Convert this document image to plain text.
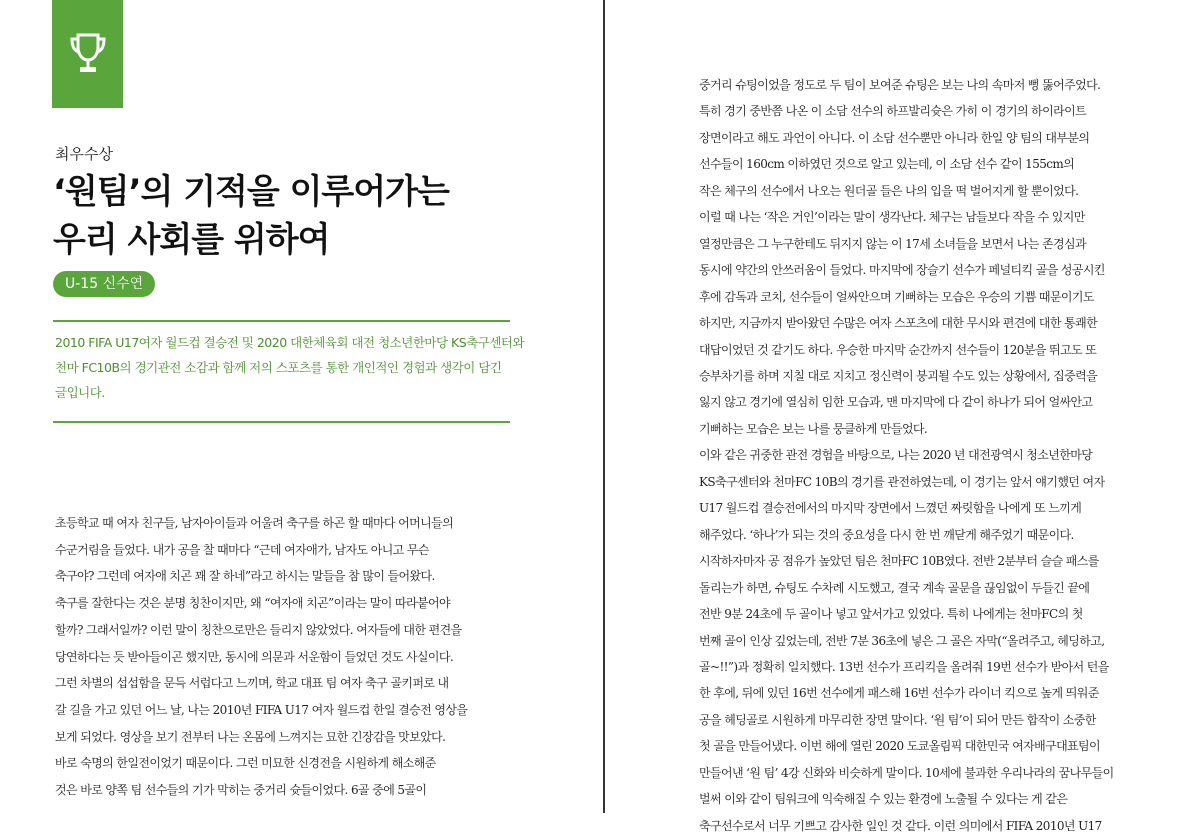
최우수상
‘원팀’의 기적을 이루어가는
우리 사회를 위하여
U-15 신수연

2010 FIFA U17여자 월드컵 결승전 및 2020 대한체육회 대전 청소년한마당 KS축구센터와
천마 FC10B의 경기관전 소감과 함께 저의 스포츠를 통한 개인적인 경험과 생각이 담긴
글입니다.

초등학교 때 여자 친구들, 남자아이들과 어울려 축구를 하곤 할 때마다 어머니들의
수군거림을 들었다. 내가 공을 찰 때마다 “근데 여자애가, 남자도 아니고 무슨
축구야? 그런데 여자애 치곤 꽤 잘 하네”라고 하시는 말들을 참 많이 들어왔다.
축구를 잘한다는 것은 분명 칭찬이지만, 왜 “여자애 치곤”이라는 말이 따라붙어야
할까? 그래서일까? 이런 말이 칭찬으로만은 들리지 않았었다. 여자들에 대한 편견을
당연하다는 듯 받아들이곤 했지만, 동시에 의문과 서운함이 들었던 것도 사실이다.
그런 차별의 섭섭함을 문득 서럽다고 느끼며, 학교 대표 팀 여자 축구 골키퍼로 내
갈 길을 가고 있던 어느 날, 나는 2010년 FIFA U17 여자 월드컵 한일 결승전 영상을
보게 되었다. 영상을 보기 전부터 나는 온몸에 느껴지는 묘한 긴장감을 맛보았다.
바로 숙명의 한일전이었기 때문이다. 그런 미묘한 신경전을 시원하게 해소해준
것은 바로 양쪽 팀 선수들의 기가 막히는 중거리 슛들이었다. 6골 중에 5골이

중거리 슈팅이었을 정도로 두 팀이 보여준 슈팅은 보는 나의 속마저 뻥 뚫어주었다.
특히 경기 중반쯤 나온 이 소담 선수의 하프발리슛은 가히 이 경기의 하이라이트
장면이라고 해도 과언이 아니다. 이 소담 선수뿐만 아니라 한일 양 팀의 대부분의
선수들이 160cm 이하였던 것으로 알고 있는데, 이 소담 선수 같이 155cm의
작은 체구의 선수에서 나오는 원더골 들은 나의 입을 떡 벌어지게 할 뿐이었다.
이럴 때 나는 ‘작은 거인’이라는 말이 생각난다. 체구는 남들보다 작을 수 있지만
열정만큼은 그 누구한테도 뒤지지 않는 이 17세 소녀들을 보면서 나는 존경심과
동시에 약간의 안쓰러움이 들었다. 마지막에 장슬기 선수가 페널티킥 골을 성공시킨
후에 감독과 코치, 선수들이 얼싸안으며 기뻐하는 모습은 우승의 기쁨 때문이기도
하지만, 지금까지 받아왔던 수많은 여자 스포츠에 대한 무시와 편견에 대한 통쾌한
대답이었던 것 같기도 하다. 우승한 마지막 순간까지 선수들이 120분을 뛰고도 또
승부차기를 하며 지칠 대로 지치고 정신력이 붕괴될 수도 있는 상황에서, 집중력을
잃지 않고 경기에 열심히 임한 모습과, 맨 마지막에 다 같이 하나가 되어 얼싸안고
기뻐하는 모습은 보는 나를 뭉클하게 만들었다.
이와 같은 귀중한 관전 경험을 바탕으로, 나는 2020 년 대전광역시 청소년한마당
KS축구센터와 천마FC 10B의 경기를 관전하였는데, 이 경기는 앞서 얘기했던 여자
U17 월드컵 결승전에서의 마지막 장면에서 느꼈던 짜릿함을 나에게 또 느끼게
해주었다. ‘하나’가 되는 것의 중요성을 다시 한 번 깨닫게 해주었기 때문이다.
시작하자마자 공 점유가 높았던 팀은 천마FC 10B였다. 전반 2분부터 슬슬 패스를
돌리는가 하면, 슈팅도 수차례 시도했고, 결국 계속 골문을 끊임없이 두들긴 끝에
전반 9분 24초에 두 골이나 넣고 앞서가고 있었다. 특히 나에게는 천마FC의 첫
번째 골이 인상 깊었는데, 전반 7분 36초에 넣은 그 골은 자막(“올려주고, 헤딩하고,
골~!!”)과 정확히 일치했다. 13번 선수가 프리킥을 올려줘 19번 선수가 받아서 턴을
한 후에, 뒤에 있던 16번 선수에게 패스해 16번 선수가 라이너 킥으로 높게 띄워준
공을 헤딩골로 시원하게 마무리한 장면 말이다. ‘원 팀’이 되어 만든 합작이 소중한
첫 골을 만들어냈다. 이번 해에 열린 2020 도쿄올림픽 대한민국 여자배구대표팀이
만들어낸 ‘원 팀’ 4강 신화와 비슷하게 말이다. 10세에 불과한 우리나라의 꿈나무들이
벌써 이와 같이 팀워크에 익숙해질 수 있는 환경에 노출될 수 있다는 게 같은
축구선수로서 너무 기쁘고 감사한 일인 것 같다. 이런 의미에서 FIFA 2010년 U17
